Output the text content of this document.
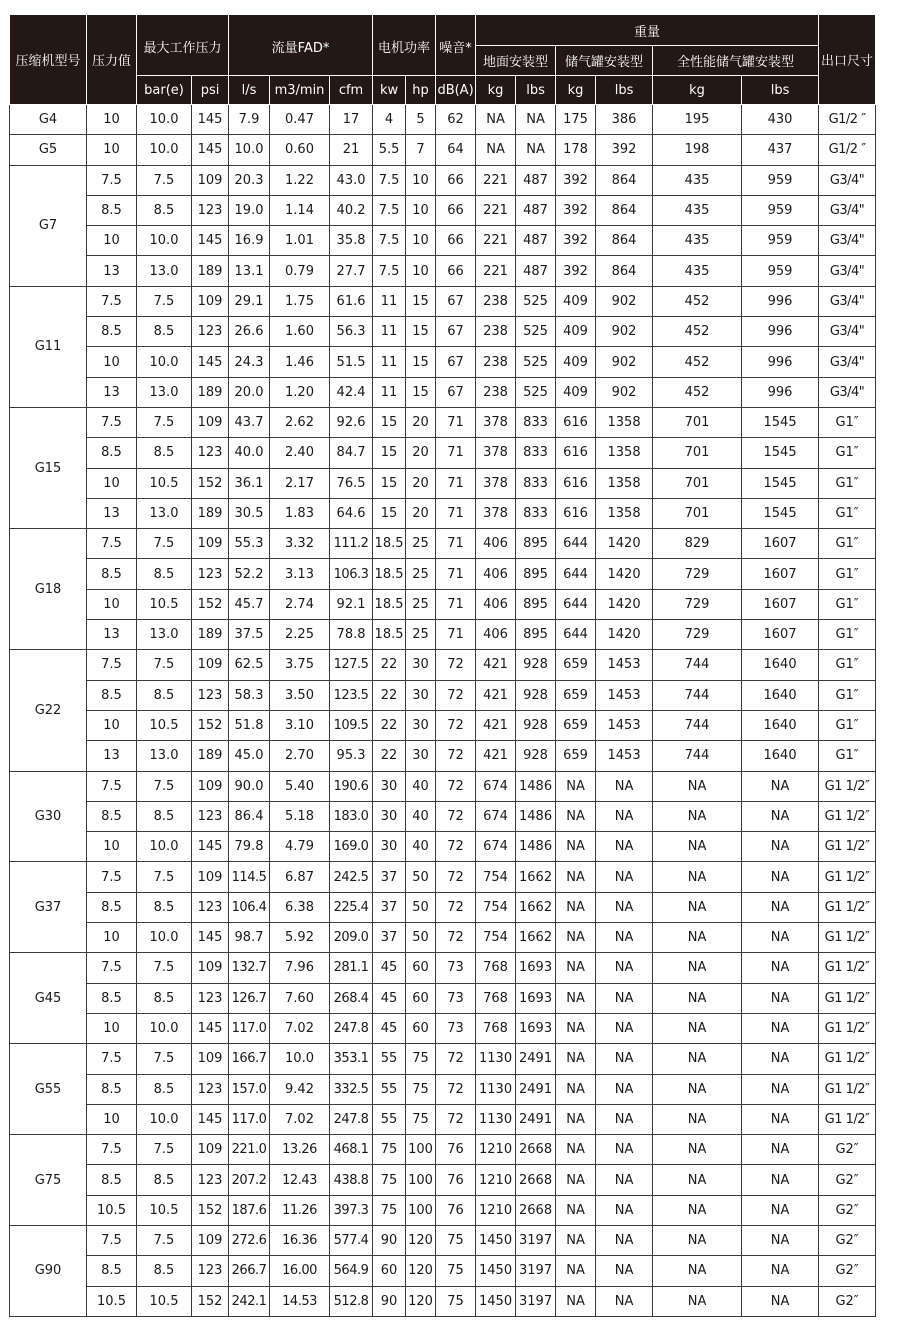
压缩机型号	压力值	最大工作压力		流量FAD*			电机功率		噪音*	重量						出口尺寸
										地面安装型		储气罐安装型		全性能储气罐安装型		
		bar(e)	psi	l/s	m3/min	cfm	kw	hp	dB(A)	kg	lbs	kg	lbs	kg	lbs	
G4	10	10.0	145	7.9	0.47	17	4	5	62	NA	NA	175	386	195	430	G1/2 ″
G5	10	10.0	145	10.0	0.60	21	5.5	7	64	NA	NA	178	392	198	437	G1/2 ″
G7	7.5	7.5	109	20.3	1.22	43.0	7.5	10	66	221	487	392	864	435	959	G3/4"
	8.5	8.5	123	19.0	1.14	40.2	7.5	10	66	221	487	392	864	435	959	G3/4"
	10	10.0	145	16.9	1.01	35.8	7.5	10	66	221	487	392	864	435	959	G3/4"
	13	13.0	189	13.1	0.79	27.7	7.5	10	66	221	487	392	864	435	959	G3/4"
G11	7.5	7.5	109	29.1	1.75	61.6	11	15	67	238	525	409	902	452	996	G3/4"
	8.5	8.5	123	26.6	1.60	56.3	11	15	67	238	525	409	902	452	996	G3/4"
	10	10.0	145	24.3	1.46	51.5	11	15	67	238	525	409	902	452	996	G3/4"
	13	13.0	189	20.0	1.20	42.4	11	15	67	238	525	409	902	452	996	G3/4"
G15	7.5	7.5	109	43.7	2.62	92.6	15	20	71	378	833	616	1358	701	1545	G1″
	8.5	8.5	123	40.0	2.40	84.7	15	20	71	378	833	616	1358	701	1545	G1″
	10	10.5	152	36.1	2.17	76.5	15	20	71	378	833	616	1358	701	1545	G1″
	13	13.0	189	30.5	1.83	64.6	15	20	71	378	833	616	1358	701	1545	G1″
G18	7.5	7.5	109	55.3	3.32	111.2	18.5	25	71	406	895	644	1420	829	1607	G1″
	8.5	8.5	123	52.2	3.13	106.3	18.5	25	71	406	895	644	1420	729	1607	G1″
	10	10.5	152	45.7	2.74	92.1	18.5	25	71	406	895	644	1420	729	1607	G1″
	13	13.0	189	37.5	2.25	78.8	18.5	25	71	406	895	644	1420	729	1607	G1″
G22	7.5	7.5	109	62.5	3.75	127.5	22	30	72	421	928	659	1453	744	1640	G1″
	8.5	8.5	123	58.3	3.50	123.5	22	30	72	421	928	659	1453	744	1640	G1″
	10	10.5	152	51.8	3.10	109.5	22	30	72	421	928	659	1453	744	1640	G1″
	13	13.0	189	45.0	2.70	95.3	22	30	72	421	928	659	1453	744	1640	G1″
G30	7.5	7.5	109	90.0	5.40	190.6	30	40	72	674	1486	NA	NA	NA	NA	G1 1/2″
	8.5	8.5	123	86.4	5.18	183.0	30	40	72	674	1486	NA	NA	NA	NA	G1 1/2″
	10	10.0	145	79.8	4.79	169.0	30	40	72	674	1486	NA	NA	NA	NA	G1 1/2″
G37	7.5	7.5	109	114.5	6.87	242.5	37	50	72	754	1662	NA	NA	NA	NA	G1 1/2″
	8.5	8.5	123	106.4	6.38	225.4	37	50	72	754	1662	NA	NA	NA	NA	G1 1/2″
	10	10.0	145	98.7	5.92	209.0	37	50	72	754	1662	NA	NA	NA	NA	G1 1/2″
G45	7.5	7.5	109	132.7	7.96	281.1	45	60	73	768	1693	NA	NA	NA	NA	G1 1/2″
	8.5	8.5	123	126.7	7.60	268.4	45	60	73	768	1693	NA	NA	NA	NA	G1 1/2″
	10	10.0	145	117.0	7.02	247.8	45	60	73	768	1693	NA	NA	NA	NA	G1 1/2″
G55	7.5	7.5	109	166.7	10.0	353.1	55	75	72	1130	2491	NA	NA	NA	NA	G1 1/2″
	8.5	8.5	123	157.0	9.42	332.5	55	75	72	1130	2491	NA	NA	NA	NA	G1 1/2″
	10	10.0	145	117.0	7.02	247.8	55	75	72	1130	2491	NA	NA	NA	NA	G1 1/2″
G75	7.5	7.5	109	221.0	13.26	468.1	75	100	76	1210	2668	NA	NA	NA	NA	G2″
	8.5	8.5	123	207.2	12.43	438.8	75	100	76	1210	2668	NA	NA	NA	NA	G2″
	10.5	10.5	152	187.6	11.26	397.3	75	100	76	1210	2668	NA	NA	NA	NA	G2″
G90	7.5	7.5	109	272.6	16.36	577.4	90	120	75	1450	3197	NA	NA	NA	NA	G2″
	8.5	8.5	123	266.7	16.00	564.9	60	120	75	1450	3197	NA	NA	NA	NA	G2″
	10.5	10.5	152	242.1	14.53	512.8	90	120	75	1450	3197	NA	NA	NA	NA	G2″
